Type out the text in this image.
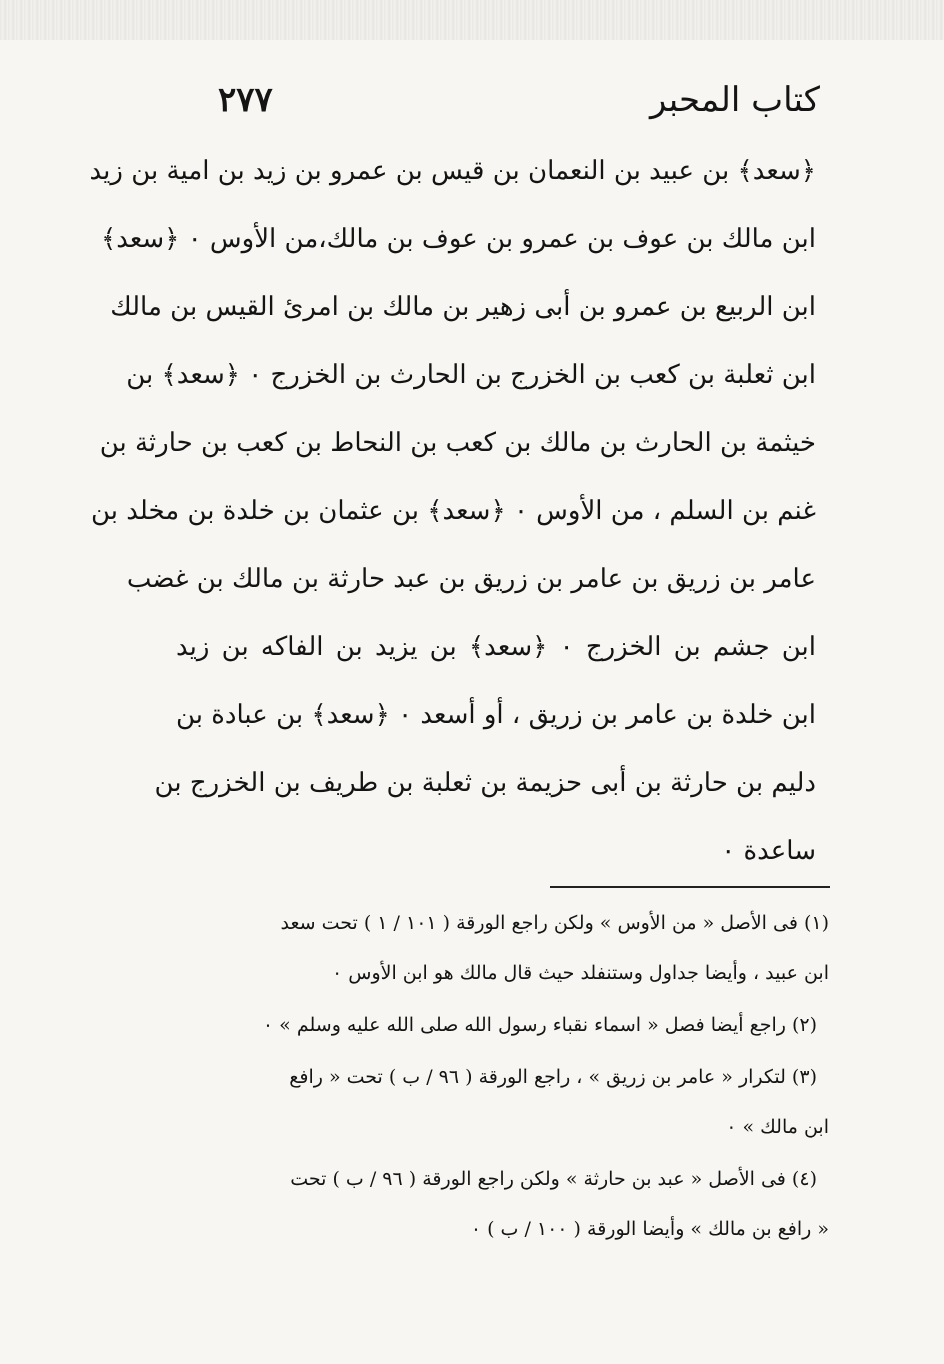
كتاب المحبر
٢٧٧
﴿سعد﴾ بن عبيد بن النعمان بن قيس بن عمرو بن زيد بن امية بن زيد
ابن مالك بن عوف بن عمرو بن عوف بن مالك،من الأوس ٠ ﴿سعد﴾
ابن الربيع بن عمرو بن أبى زهير بن مالك بن امرئ القيس بن مالك
ابن ثعلبة بن كعب بن الخزرج بن الحارث بن الخزرج ٠ ﴿سعد﴾ بن
خيثمة بن الحارث بن مالك بن كعب بن النحاط بن كعب بن حارثة بن
غنم بن السلم ، من الأوس ٠ ﴿سعد﴾ بن عثمان بن خلدة بن مخلد بن
عامر بن زريق بن عامر بن زريق بن عبد حارثة بن مالك بن غضب
ابن جشم بن الخزرج ٠ ﴿سعد﴾ بن يزيد بن الفاكه بن زيد
ابن خلدة بن عامر بن زريق ، أو أسعد ٠ ﴿سعد﴾ بن عبادة بن
دليم بن حارثة بن أبى حزيمة بن ثعلبة بن طريف بن الخزرج بن
ساعدة ٠
(١) فى الأصل « من الأوس » ولكن راجع الورقة ( ١٠١ / ١ ) تحت سعد
ابن عبيد ، وأيضا جداول وستنفلد حيث قال مالك هو ابن الأوس ٠
(٢) راجع أيضا فصل « اسماء نقباء رسول الله صلى الله عليه وسلم » ٠
(٣) لتكرار « عامر بن زريق » ، راجع الورقة ( ٩٦ / ب ) تحت « رافع
ابن مالك » ٠
(٤) فى الأصل « عبد بن حارثة » ولكن راجع الورقة ( ٩٦ / ب ) تحت
« رافع بن مالك » وأيضا الورقة ( ١٠٠ / ب ) ٠
